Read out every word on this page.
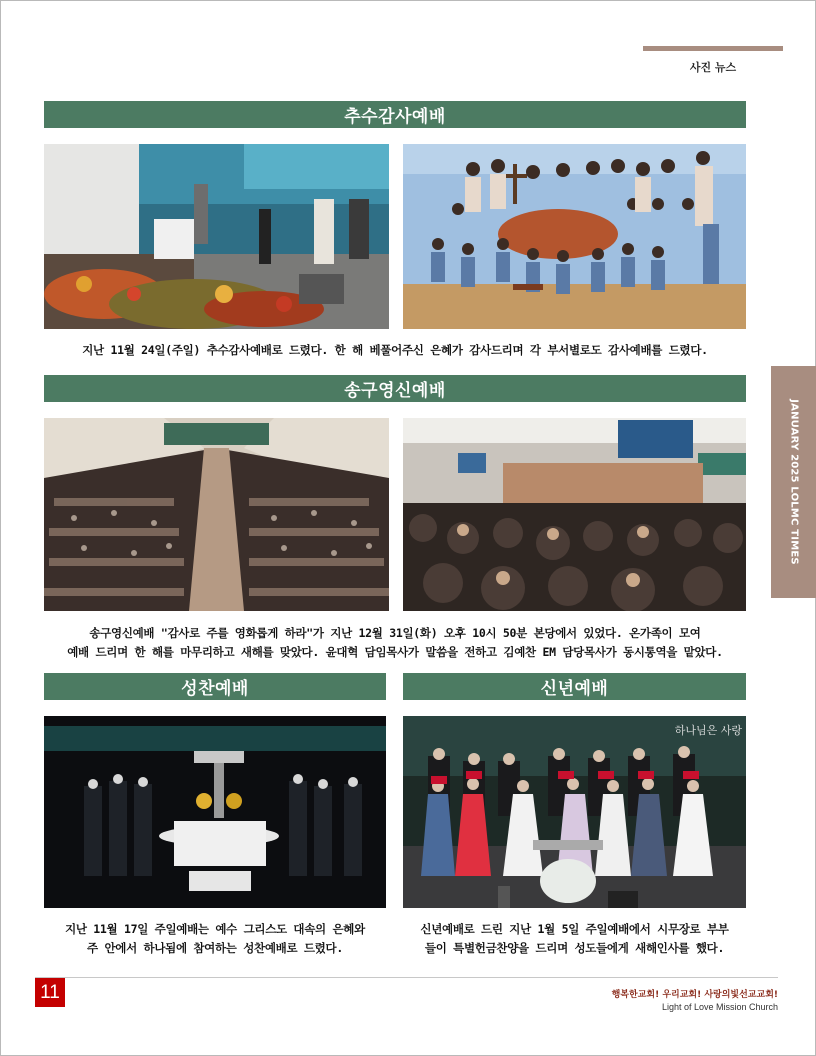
사진 뉴스
추수감사예배
지난 11월 24일(주일) 추수감사예배로 드렸다. 한 해 베풀어주신 은혜가 감사드리며 각 부서별로도 감사예배를 드렸다.
송구영신예배
송구영신예배 "감사로 주를 영화롭게 하라"가 지난 12월 31일(화) 오후 10시 50분 본당에서 있었다. 온가족이 모여
예배 드리며 한 해를 마무리하고 새해를 맞았다. 윤대혁 담임목사가 말씀을 전하고 김예찬 EM 담당목사가 동시통역을 맡았다.
성찬예배
지난 11월 17일 주일예배는 예수 그리스도 대속의 은혜와
주 안에서 하나됨에 참여하는 성찬예배로 드렸다.
신년예배
하나님은 사랑
신년예배로 드린 지난 1월 5일 주일예배에서 시무장로 부부
들이 특별헌금찬양을 드리며 성도들에게 새해인사를 했다.
JANUARY 2025 LOLMC TIMES
11	행복한교회! 우리교회! 사랑의빛선교교회!
Light of Love Mission Church
